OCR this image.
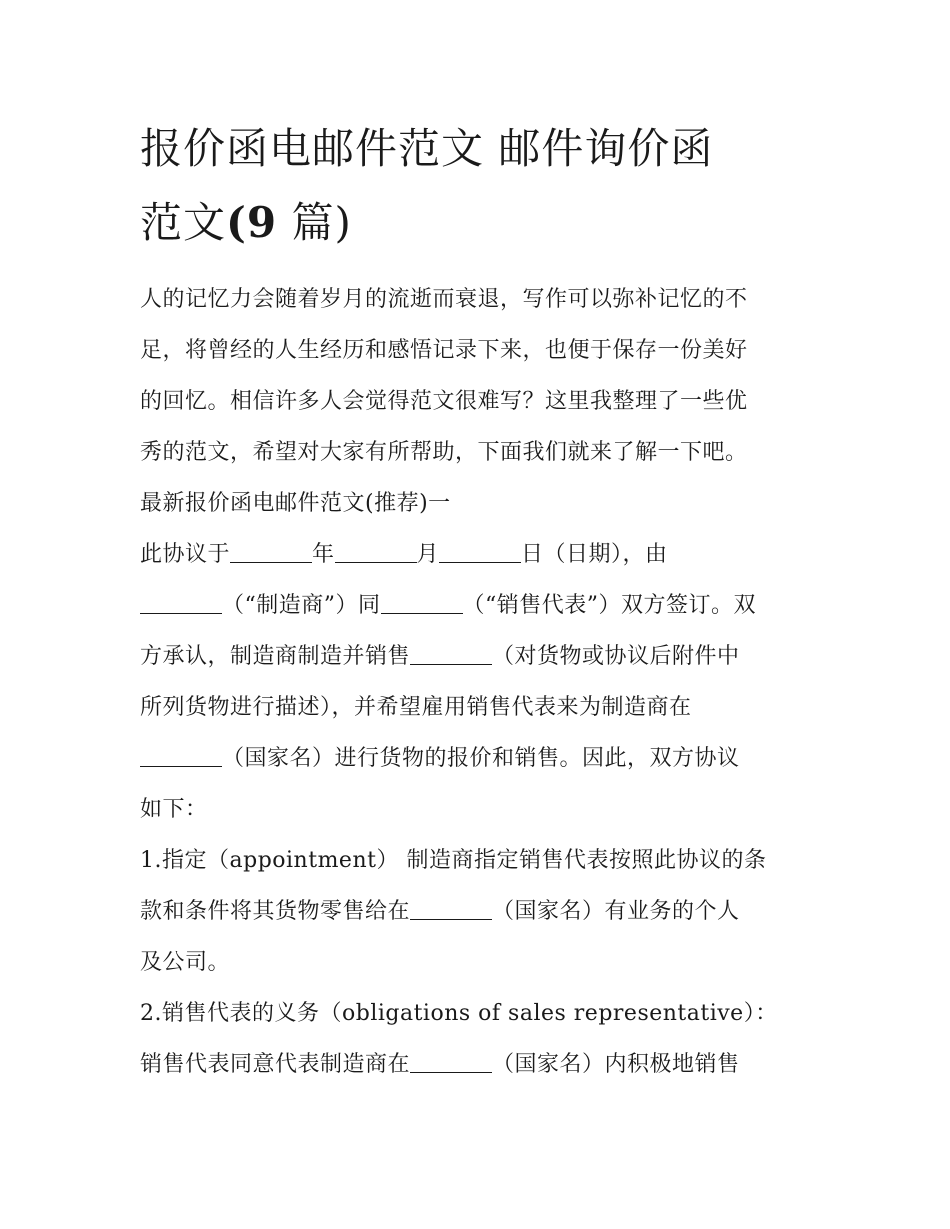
报价函电邮件范文 邮件询价函
范文(9 篇)
人的记忆力会随着岁月的流逝而衰退，写作可以弥补记忆的不
足，将曾经的人生经历和感悟记录下来，也便于保存一份美好
的回忆。相信许多人会觉得范文很难写？这里我整理了一些优
秀的范文，希望对大家有所帮助，下面我们就来了解一下吧。
最新报价函电邮件范文(推荐)一
此协议于	年	月	日（日期），由
（“制造商”）同	（“销售代表”）双方签订。双
方承认，制造商制造并销售	（对货物或协议后附件中
所列货物进行描述），并希望雇用销售代表来为制造商在
（国家名）进行货物的报价和销售。因此，双方协议
如下：
1.指定（appointment） 制造商指定销售代表按照此协议的条
款和条件将其货物零售给在	（国家名）有业务的个人
及公司。
2.销售代表的义务（obligations of sales representative）：
销售代表同意代表制造商在	（国家名）内积极地销售
